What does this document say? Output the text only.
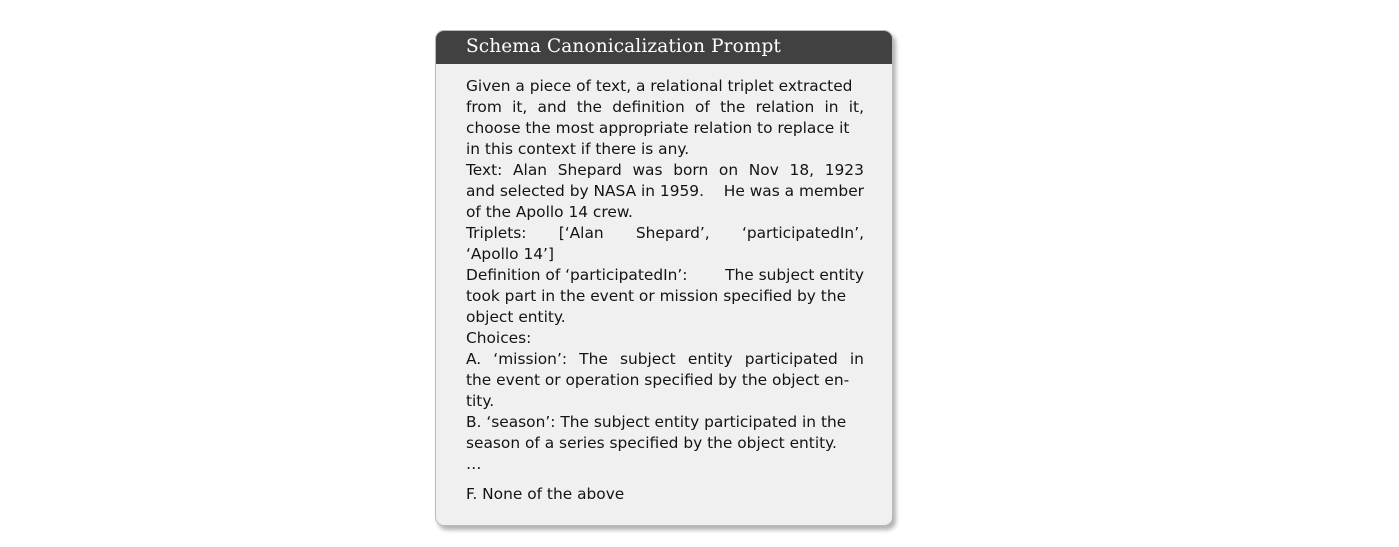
Schema Canonicalization Prompt
Given a piece of text, a relational triplet extracted
from it, and the definition of the relation in it,
choose the most appropriate relation to replace it
in this context if there is any.
Text: Alan Shepard was born on Nov 18, 1923
and selected by NASA in 1959. He was a member
of the Apollo 14 crew.
Triplets: [‘Alan Shepard’, ‘participatedIn’,
‘Apollo 14’]
Definition of ‘participatedIn’: The subject entity
took part in the event or mission specified by the
object entity.
Choices:
A. ‘mission’: The subject entity participated in
the event or operation specified by the object en-
tity.
B. ‘season’: The subject entity participated in the
season of a series specified by the object entity.
…
F. None of the above
